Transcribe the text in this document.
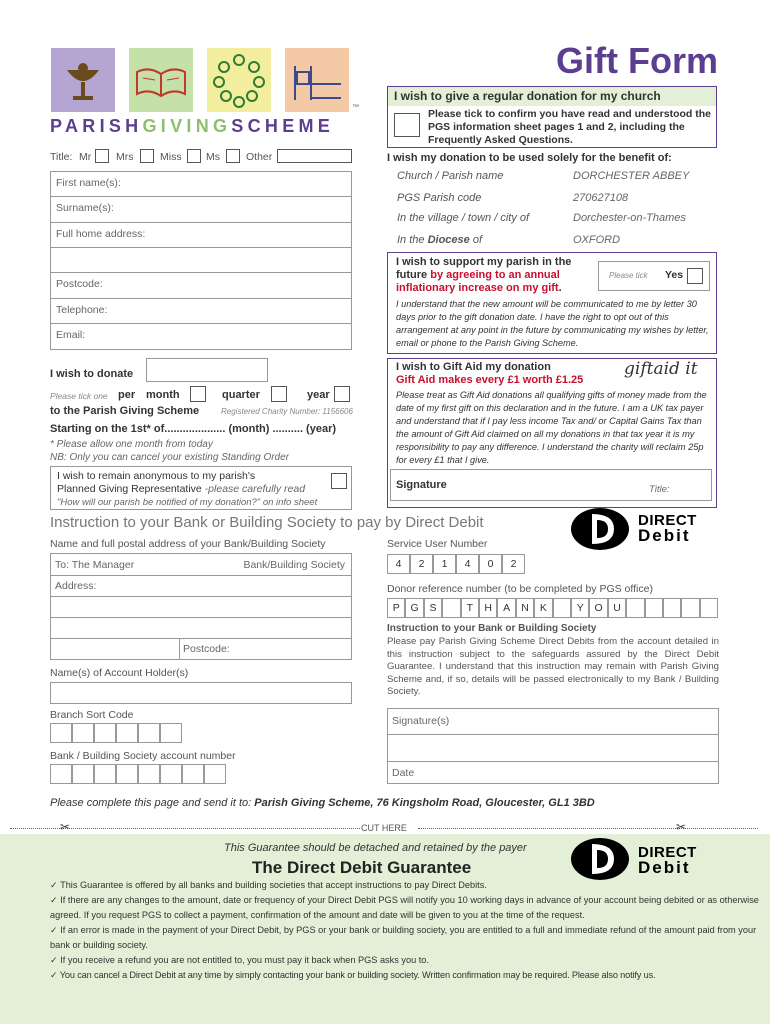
PARISHGIVINGSCHEME
™
Gift Form
I wish to give a regular donation for my church
Please tick to confirm you have read and understood the PGS information sheet pages 1 and 2, including the Frequently Asked Questions.
Title: Mr Mrs	Miss Ms Other
First name(s):
Surname(s):
Full home address:
Postcode:
Telephone:
Email:
I wish my donation to be used solely for the benefit of:
Church / Parish name	DORCHESTER ABBEY
PGS Parish code	270627108
In the village / town / city of	Dorchester-on-Thames
In the Diocese of	OXFORD
I wish to support my parish in the
future by agreeing to an annual
inflationary increase on my gift.
Please tick Yes
I understand that the new amount will be communicated to me by letter 30 days prior to the gift donation date. I have the right to opt out of this arrangement at any point in the future by communicating my wishes by letter, email or phone to the Parish Giving Scheme.
I wish to donate
Please tick one per month	quarter	year
to the Parish Giving Scheme	Registered Charity Number: 1156606
Starting on the 1st* of.................... (month) .......... (year)
* Please allow one month from today
NB: Only you can cancel your existing Standing Order
I wish to remain anonymous to my parish's
Planned Giving Representative -please carefully read
"How will our parish be notified of my donation?" on info sheet
I wish to Gift Aid my donation
Gift Aid makes every £1 worth £1.25
giftaid it
Please treat as Gift Aid donations all qualifying gifts of money made from the date of my first gift on this declaration and in the future. I am a UK tax payer and understand that if I pay less income Tax and/ or Capital Gains Tax than the amount of Gift Aid claimed on all my donations in that tax year it is my responsibility to pay any difference. I understand the charity will reclaim 25p for every £1 that I give.
Signature	Title:
DIRECT
Debit
Instruction to your Bank or Building Society to pay by Direct Debit
Name and full postal address of your Bank/Building Society
To: The Manager	Bank/Building Society
Address:
Postcode:
Name(s) of Account Holder(s)
Branch Sort Code
Bank / Building Society account number
Service User Number
4	2	1	4	0	2
Donor reference number (to be completed by PGS office)
P	G	S	T	H	A	N	K	Y	O	U
Instruction to your Bank or Building Society
Please pay Parish Giving Scheme Direct Debits from the account detailed in this instruction subject to the safeguards assured by the Direct Debit Guarantee. I understand that this instruction may remain with Parish Giving Scheme and, if so, details will be passed electronically to my Bank / Building Society.
Signature(s)
Date
Please complete this page and send it to: Parish Giving Scheme, 76 Kingsholm Road, Gloucester, GL1 3BD
✂	✂
CUT HERE
This Guarantee should be detached and retained by the payer
The Direct Debit Guarantee
DIRECT
Debit
✓ This Guarantee is offered by all banks and building societies that accept instructions to pay Direct Debits.
✓ If there are any changes to the amount, date or frequency of your Direct Debit PGS will notify you 10 working days in advance of your account being debited or as otherwise agreed. If you request PGS to collect a payment, confirmation of the amount and date will be given to you at the time of the request.
✓ If an error is made in the payment of your Direct Debit, by PGS or your bank or building society, you are entitled to a full and immediate refund of the amount paid from your bank or building society.
✓ If you receive a refund you are not entitled to, you must pay it back when PGS asks you to.
✓ You can cancel a Direct Debit at any time by simply contacting your bank or building society. Written confirmation may be required. Please also notify us.
